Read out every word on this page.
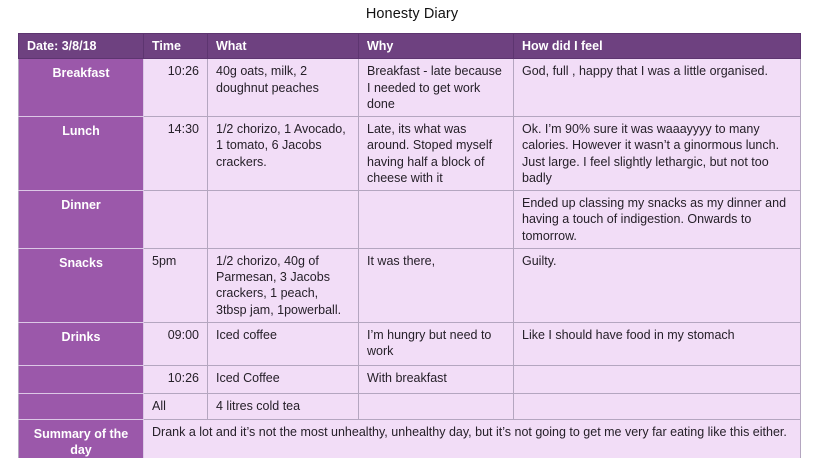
Honesty Diary
Date: 3/8/18	Time	What	Why	How did I feel
Breakfast	10:26	40g oats, milk, 2 doughnut peaches	Breakfast - late because I needed to get work done	God, full , happy that I was a little organised.
Lunch	14:30	1/2 chorizo, 1 Avocado, 1 tomato, 6 Jacobs crackers.	Late, its what was around. Stoped myself having half a block of cheese with it	Ok. I’m 90% sure it was waaayyyy to many calories. However it wasn’t a ginormous lunch. Just large. I feel slightly lethargic, but not too badly
Dinner				Ended up classing my snacks as my dinner and having a touch of indigestion. Onwards to tomorrow.
Snacks	5pm	1/2 chorizo, 40g of Parmesan, 3 Jacobs crackers, 1 peach, 3tbsp jam, 1powerball.	It was there,	Guilty.
Drinks	09:00	Iced coffee	I’m hungry but need to work	Like I should have food in my stomach
	10:26	Iced Coffee	With breakfast	
	All	4 litres cold tea		
Summary of the day	Drank a lot and it’s not the most unhealthy, unhealthy day, but it’s not going to get me very far eating like this either.			
